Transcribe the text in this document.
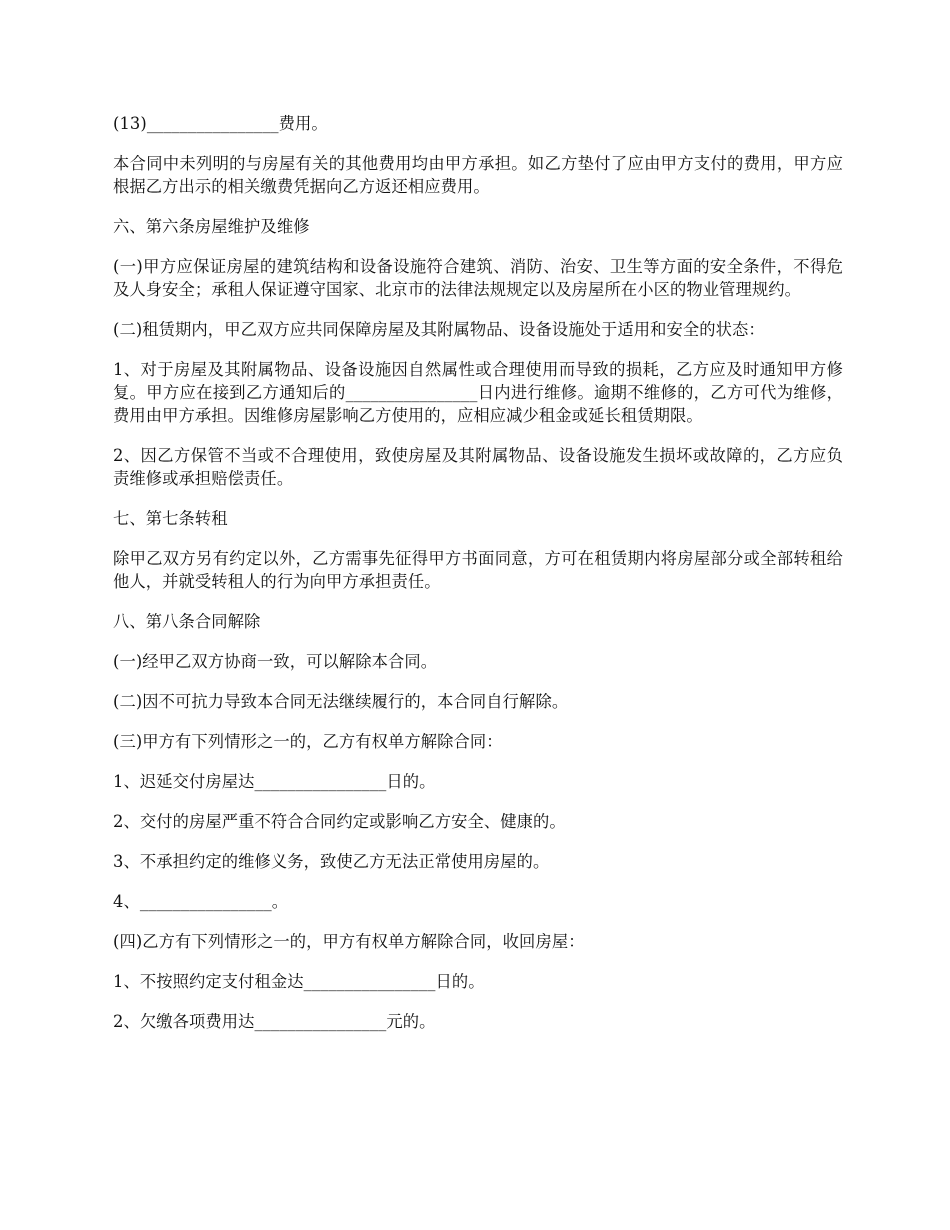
(13)________________费用。

本合同中未列明的与房屋有关的其他费用均由甲方承担。如乙方垫付了应由甲方支付的费用，甲方应根据乙方出示的相关缴费凭据向乙方返还相应费用。

六、第六条房屋维护及维修

(一)甲方应保证房屋的建筑结构和设备设施符合建筑、消防、治安、卫生等方面的安全条件，不得危及人身安全；承租人保证遵守国家、北京市的法律法规规定以及房屋所在小区的物业管理规约。

(二)租赁期内，甲乙双方应共同保障房屋及其附属物品、设备设施处于适用和安全的状态：

1、对于房屋及其附属物品、设备设施因自然属性或合理使用而导致的损耗，乙方应及时通知甲方修复。甲方应在接到乙方通知后的________________日内进行维修。逾期不维修的，乙方可代为维修，费用由甲方承担。因维修房屋影响乙方使用的，应相应减少租金或延长租赁期限。

2、因乙方保管不当或不合理使用，致使房屋及其附属物品、设备设施发生损坏或故障的，乙方应负责维修或承担赔偿责任。

七、第七条转租

除甲乙双方另有约定以外，乙方需事先征得甲方书面同意，方可在租赁期内将房屋部分或全部转租给他人，并就受转租人的行为向甲方承担责任。

八、第八条合同解除

(一)经甲乙双方协商一致，可以解除本合同。

(二)因不可抗力导致本合同无法继续履行的，本合同自行解除。

(三)甲方有下列情形之一的，乙方有权单方解除合同：

1、迟延交付房屋达________________日的。

2、交付的房屋严重不符合合同约定或影响乙方安全、健康的。

3、不承担约定的维修义务，致使乙方无法正常使用房屋的。

4、________________。

(四)乙方有下列情形之一的，甲方有权单方解除合同，收回房屋：

1、不按照约定支付租金达________________日的。

2、欠缴各项费用达________________元的。
